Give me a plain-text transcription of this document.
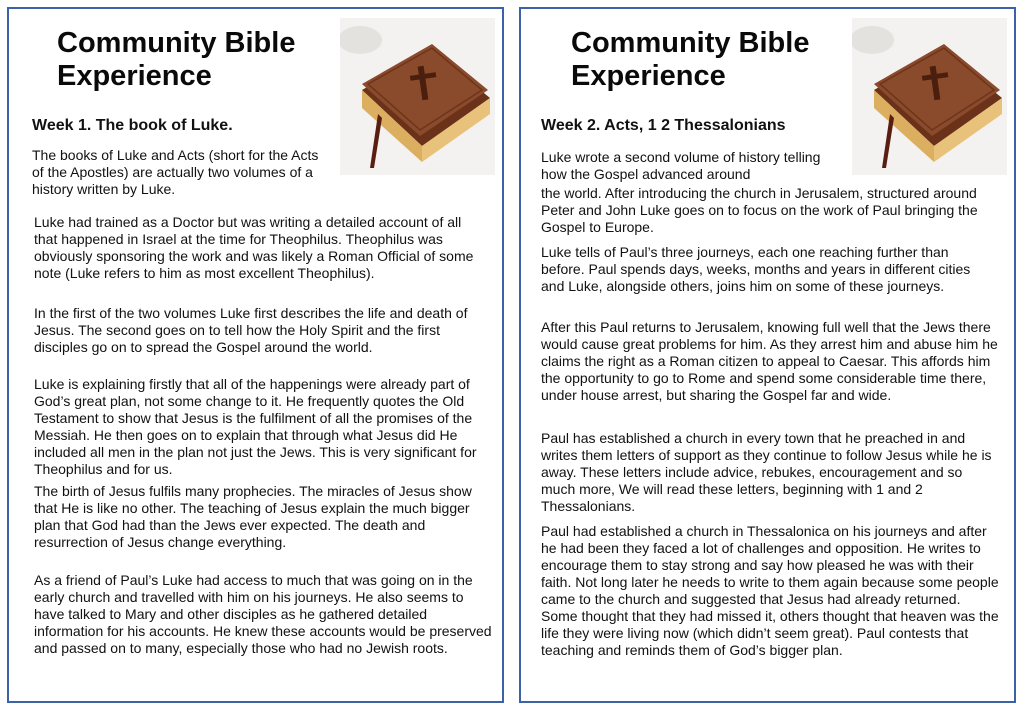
Community Bible
Experience
Week 1. The book of Luke.

The books of Luke and Acts (short for the Acts of the Apostles) are actually two volumes of a history written by Luke.

Luke had trained as a Doctor but was writing a detailed account of all that happened in Israel at the time for Theophilus. Theophilus was obviously sponsoring the work and was likely a Roman Official of some note (Luke refers to him as most excellent Theophilus).

In the first of the two volumes Luke first describes the life and death of Jesus. The second goes on to tell how the Holy Spirit and the first disciples go on to spread the Gospel around the world.

Luke is explaining firstly that all of the happenings were already part of God’s great plan, not some change to it. He frequently quotes the Old Testament to show that Jesus is the fulfilment of all the promises of the Messiah. He then goes on to explain that through what Jesus did He included all men in the plan not just the Jews. This is very significant for Theophilus and for us.

The birth of Jesus fulfils many prophecies. The miracles of Jesus show that He is like no other. The teaching of Jesus explain the much bigger plan that God had than the Jews ever expected. The death and resurrection of Jesus change everything.

As a friend of Paul’s Luke had access to much that was going on in the early church and travelled with him on his journeys. He also seems to have talked to Mary and other disciples as he gathered detailed information for his accounts. He knew these accounts would be preserved and passed on to many, especially those who had no Jewish roots.

Community Bible
Experience
Week 2. Acts, 1 2 Thessalonians

Luke wrote a second volume of history telling how the Gospel advanced around

the world. After introducing the church in Jerusalem, structured around Peter and John Luke goes on to focus on the work of Paul bringing the Gospel to Europe.

Luke tells of Paul’s three journeys, each one reaching further than before. Paul spends days, weeks, months and years in different cities and Luke, alongside others, joins him on some of these journeys.

After this Paul returns to Jerusalem, knowing full well that the Jews there would cause great problems for him. As they arrest him and abuse him he claims the right as a Roman citizen to appeal to Caesar. This affords him the opportunity to go to Rome and spend some considerable time there, under house arrest, but sharing the Gospel far and wide.

Paul has established a church in every town that he preached in and writes them letters of support as they continue to follow Jesus while he is away. These letters include advice, rebukes, encouragement and so much more, We will read these letters, beginning with 1 and 2 Thessalonians.

Paul had established a church in Thessalonica on his journeys and after he had been they faced a lot of challenges and opposition. He writes to encourage them to stay strong and say how pleased he was with their faith. Not long later he needs to write to them again because some people came to the church and suggested that Jesus had already returned. Some thought that they had missed it, others thought that heaven was the life they were living now (which didn’t seem great). Paul contests that teaching and reminds them of God’s bigger plan.
